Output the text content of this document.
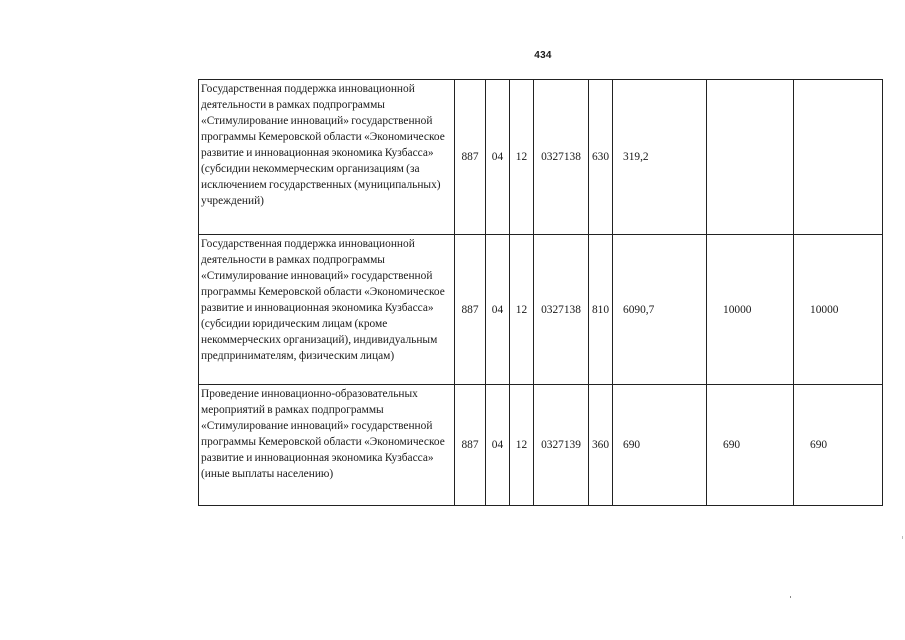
434
Государственная поддержка инновационной деятельности в рамках подпрограммы «Стимулирование инноваций» государственной программы Кемеровской области «Экономическое развитие и инновационная экономика Кузбасса» (субсидии некоммерческим организациям (за исключением государственных (муниципальных) учреждений)	887	04	12	0327138	630	319,2		
Государственная поддержка инновационной деятельности в рамках подпрограммы «Стимулирование инноваций» государственной программы Кемеровской области «Экономическое развитие и инновационная экономика Кузбасса» (субсидии юридическим лицам (кроме некоммерческих организаций), индивидуальным предпринимателям, физическим лицам)	887	04	12	0327138	810	6090,7	10000	10000
Проведение инновационно-образовательных мероприятий в рамках подпрограммы «Стимулирование инноваций» государственной программы Кемеровской области «Экономическое развитие и инновационная экономика Кузбасса» (иные выплаты населению)	887	04	12	0327139	360	690	690	690
